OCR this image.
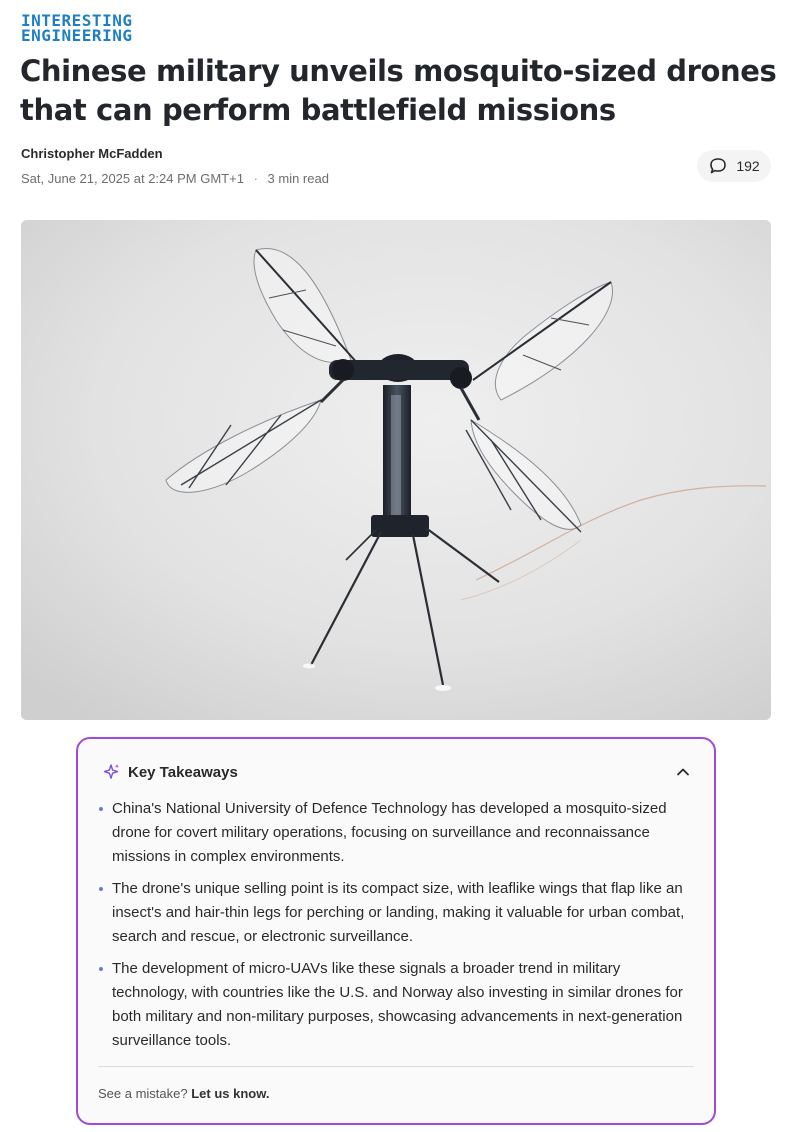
INTERESTING
ENGINEERING
Chinese military unveils mosquito-sized drones that can perform battlefield missions
Christopher McFadden
Sat, June 21, 2025 at 2:24 PM GMT+1 · 3 min read
192
Key Takeaways
China's National University of Defence Technology has developed a mosquito-sized drone for covert military operations, focusing on surveillance and reconnaissance missions in complex environments.
The drone's unique selling point is its compact size, with leaflike wings that flap like an insect's and hair-thin legs for perching or landing, making it valuable for urban combat, search and rescue, or electronic surveillance.
The development of micro-UAVs like these signals a broader trend in military technology, with countries like the U.S. and Norway also investing in similar drones for both military and non-military purposes, showcasing advancements in next-generation surveillance tools.
See a mistake? Let us know.
